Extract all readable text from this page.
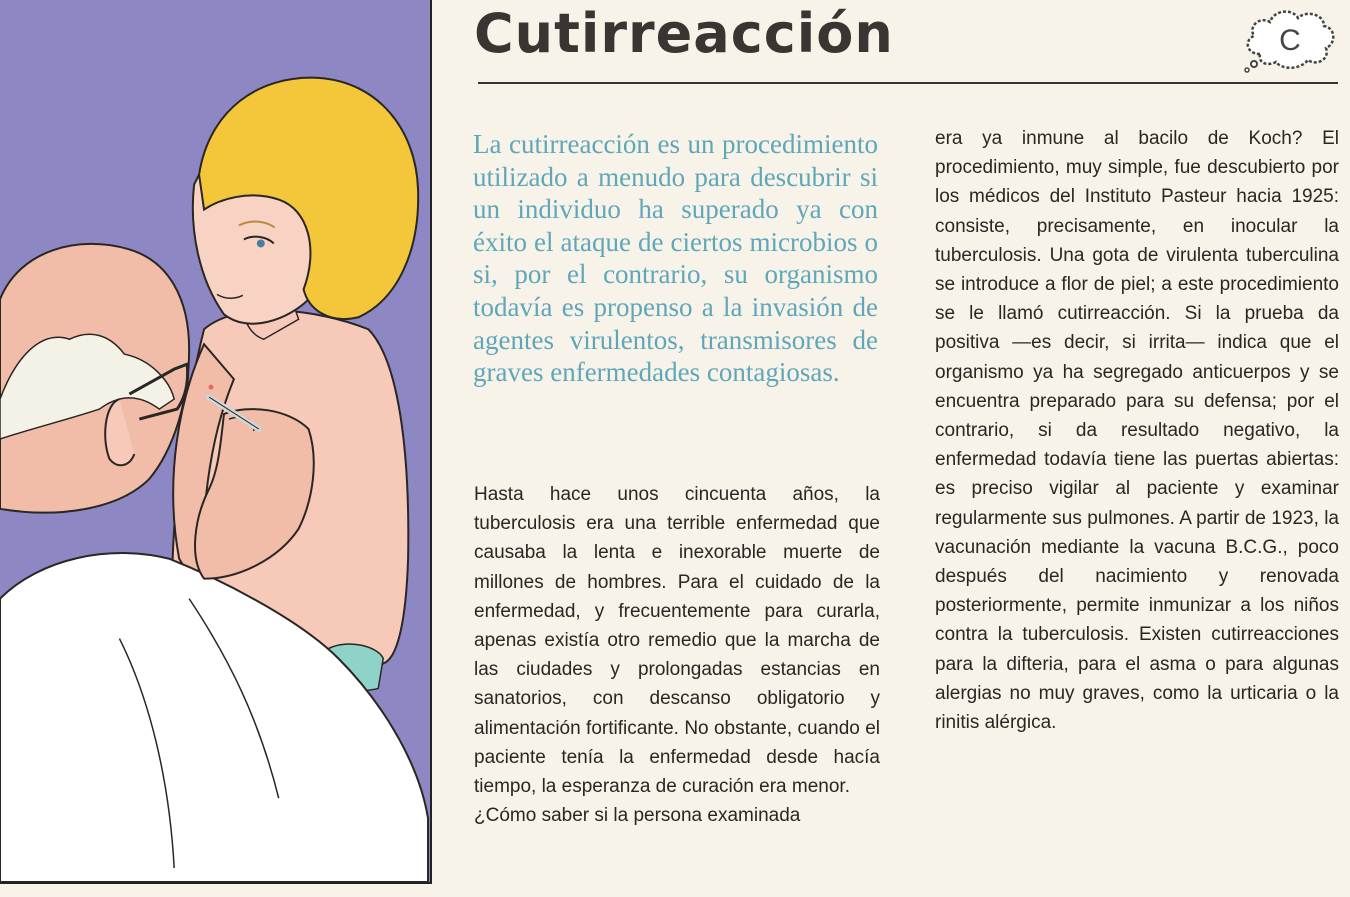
Cutirreacción	C

La cutirreacción es un procedimiento utilizado a menudo para descubrir si un individuo ha superado ya con éxito el ataque de ciertos microbios o si, por el contrario, su organismo todavía es propenso a la invasión de agentes virulentos, transmisores de graves enfermedades contagiosas.

Hasta hace unos cincuenta años, la tuberculosis era una terrible enfermedad que causaba la lenta e inexorable muerte de millones de hombres. Para el cuidado de la enfermedad, y frecuentemente para curarla, apenas existía otro remedio que la marcha de las ciudades y prolongadas estancias en sanatorios, con descanso obligatorio y alimentación fortificante. No obstante, cuando el paciente tenía la enfermedad desde hacía tiempo, la esperanza de curación era menor.
¿Cómo saber si la persona examinada
era ya inmune al bacilo de Koch? El procedimiento, muy simple, fue descubierto por los médicos del Instituto Pasteur hacia 1925: consiste, precisamente, en inocular la tuberculosis. Una gota de virulenta tuberculina se introduce a flor de piel; a este procedimiento se le llamó cutirreacción. Si la prueba da positiva —es decir, si irrita— indica que el organismo ya ha segregado anticuerpos y se encuentra preparado para su defensa; por el contrario, si da resultado negativo, la enfermedad todavía tiene las puertas abiertas: es preciso vigilar al paciente y examinar regularmente sus pulmones. A partir de 1923, la vacunación mediante la vacuna B.C.G., poco después del nacimiento y renovada posteriormente, permite inmunizar a los niños contra la tuberculosis. Existen cutirreacciones para la difteria, para el asma o para algunas alergias no muy graves, como la urticaria o la rinitis alérgica.
